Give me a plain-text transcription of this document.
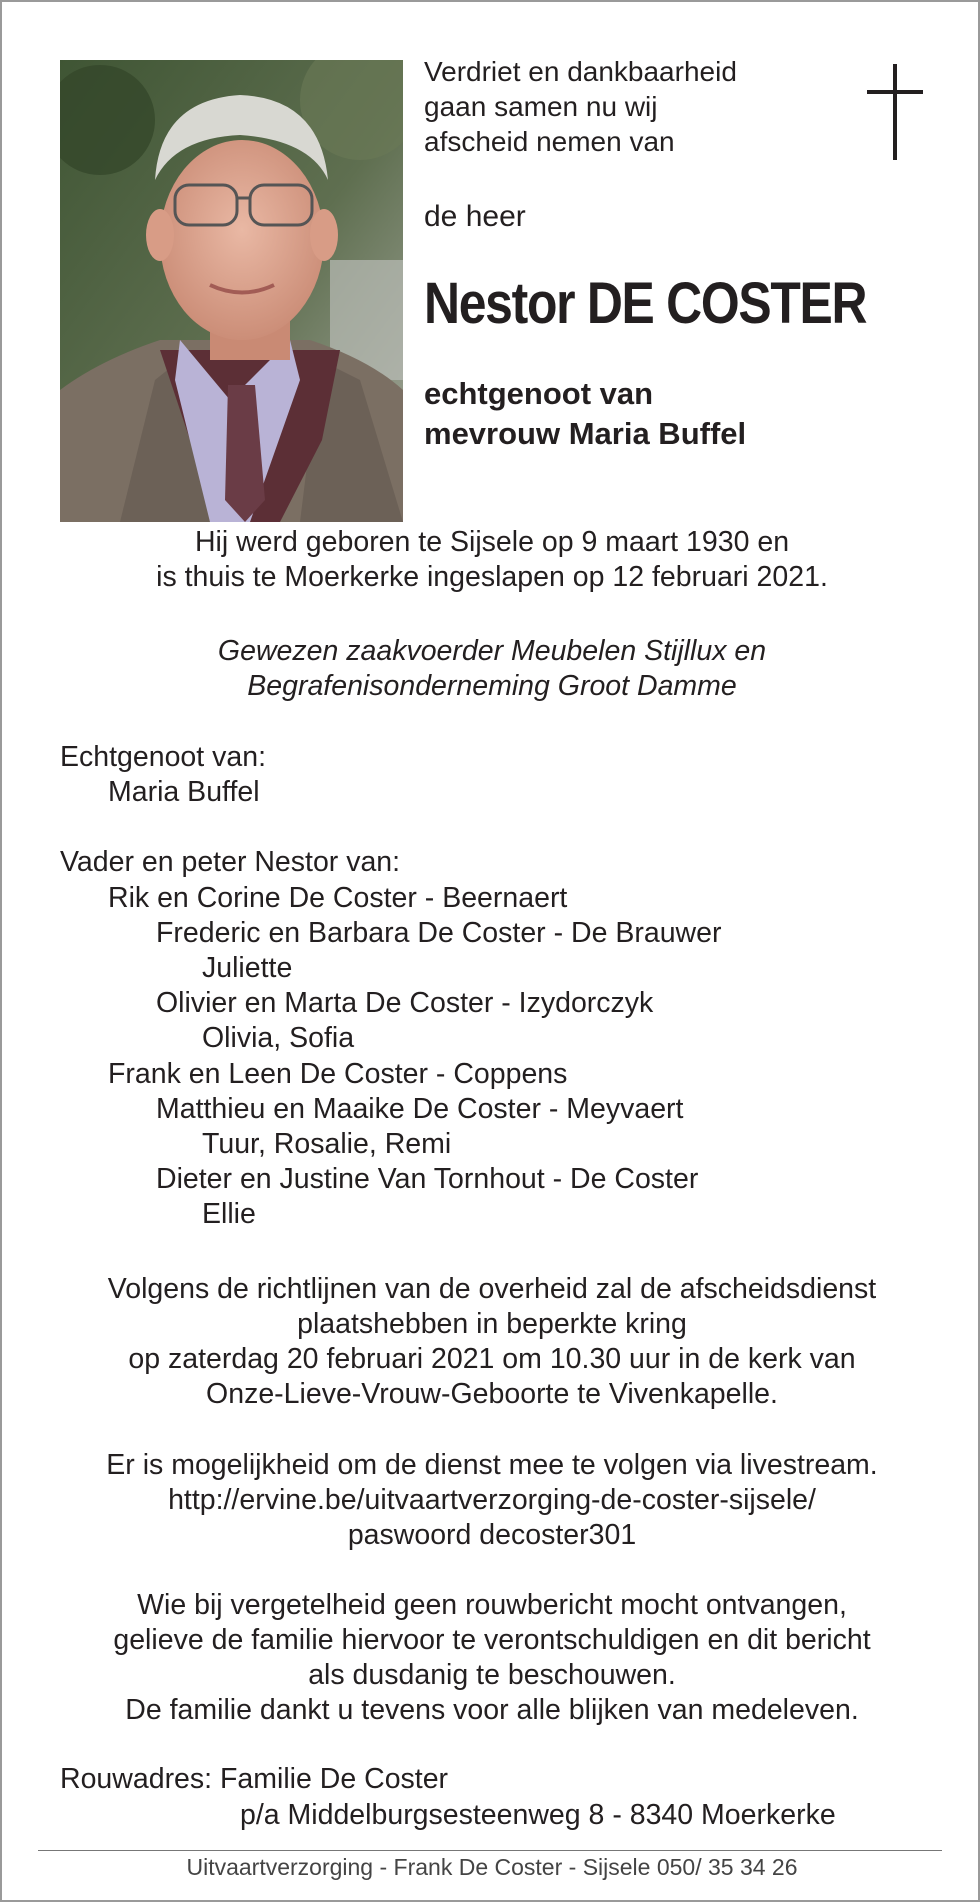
Verdriet en dankbaarheid
gaan samen nu wij
afscheid nemen van
de heer
Nestor DE COSTER
echtgenoot van
mevrouw Maria Buffel
Hij werd geboren te Sijsele op 9 maart 1930 en
is thuis te Moerkerke ingeslapen op 12 februari 2021.
Gewezen zaakvoerder Meubelen Stijllux en
Begrafenisonderneming Groot Damme
Echtgenoot van:
Maria Buffel
Vader en peter Nestor van:
Rik en Corine De Coster - Beernaert
Frederic en Barbara De Coster - De Brauwer
Juliette
Olivier en Marta De Coster - Izydorczyk
Olivia, Sofia
Frank en Leen De Coster - Coppens
Matthieu en Maaike De Coster - Meyvaert
Tuur, Rosalie, Remi
Dieter en Justine Van Tornhout - De Coster
Ellie
Volgens de richtlijnen van de overheid zal de afscheidsdienst
plaatshebben in beperkte kring
op zaterdag 20 februari 2021 om 10.30 uur in de kerk van
Onze-Lieve-Vrouw-Geboorte te Vivenkapelle.
Er is mogelijkheid om de dienst mee te volgen via livestream.
http://ervine.be/uitvaartverzorging-de-coster-sijsele/
paswoord decoster301
Wie bij vergetelheid geen rouwbericht mocht ontvangen,
gelieve de familie hiervoor te verontschuldigen en dit bericht
als dusdanig te beschouwen.
De familie dankt u tevens voor alle blijken van medeleven.
Rouwadres: Familie De Coster
p/a Middelburgsesteenweg 8 - 8340 Moerkerke
Uitvaartverzorging - Frank De Coster - Sijsele 050/ 35 34 26
